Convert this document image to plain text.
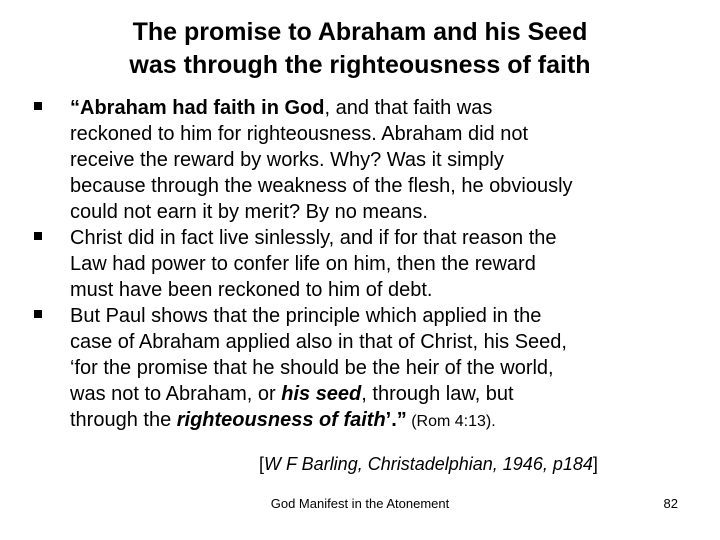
The promise to Abraham and his Seed
was through the righteousness of faith
“Abraham had faith in God, and that faith was
reckoned to him for righteousness. Abraham did not
receive the reward by works. Why? Was it simply
because through the weakness of the flesh, he obviously
could not earn it by merit? By no means.
Christ did in fact live sinlessly, and if for that reason the
Law had power to confer life on him, then the reward
must have been reckoned to him of debt.
But Paul shows that the principle which applied in the
case of Abraham applied also in that of Christ, his Seed,
‘for the promise that he should be the heir of the world,
was not to Abraham, or his seed, through law, but
through the righteousness of faith’.” (Rom 4:13).
[W F Barling, Christadelphian, 1946, p184]
God Manifest in the Atonement	82
